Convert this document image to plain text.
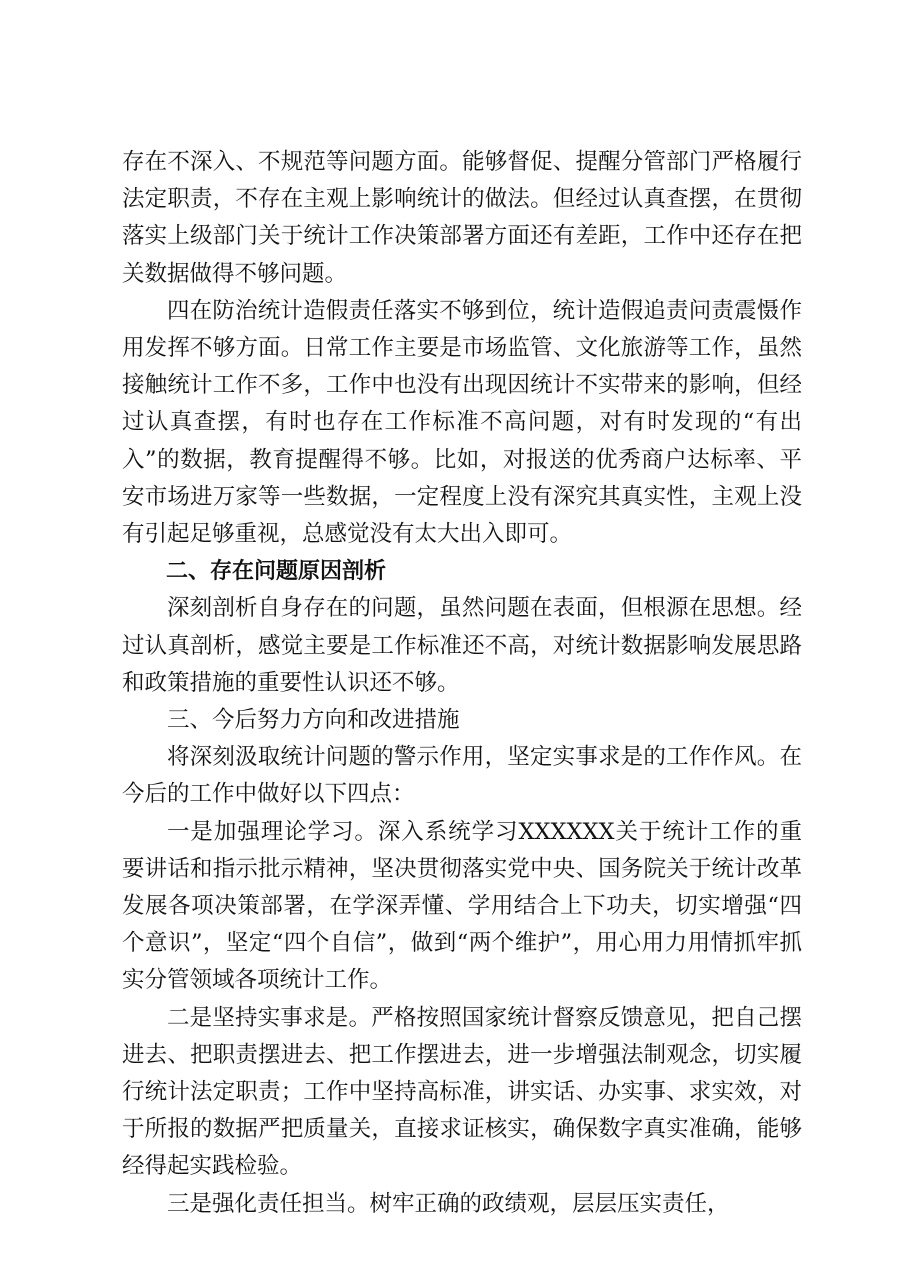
存在不深入、不规范等问题方面。能够督促、提醒分管部门严格履行法定职责，不存在主观上影响统计的做法。但经过认真查摆，在贯彻落实上级部门关于统计工作决策部署方面还有差距，工作中还存在把关数据做得不够问题。

四在防治统计造假责任落实不够到位，统计造假追责问责震慑作用发挥不够方面。日常工作主要是市场监管、文化旅游等工作，虽然接触统计工作不多，工作中也没有出现因统计不实带来的影响，但经过认真查摆，有时也存在工作标准不高问题，对有时发现的“有出入”的数据，教育提醒得不够。比如，对报送的优秀商户达标率、平安市场进万家等一些数据，一定程度上没有深究其真实性，主观上没有引起足够重视，总感觉没有太大出入即可。

二、存在问题原因剖析

深刻剖析自身存在的问题，虽然问题在表面，但根源在思想。经过认真剖析，感觉主要是工作标准还不高，对统计数据影响发展思路和政策措施的重要性认识还不够。

三、今后努力方向和改进措施

将深刻汲取统计问题的警示作用，坚定实事求是的工作作风。在今后的工作中做好以下四点：

一是加强理论学习。深入系统学习XXXXXX关于统计工作的重要讲话和指示批示精神，坚决贯彻落实党中央、国务院关于统计改革发展各项决策部署，在学深弄懂、学用结合上下功夫，切实增强“四个意识”，坚定“四个自信”，做到“两个维护”，用心用力用情抓牢抓实分管领域各项统计工作。

二是坚持实事求是。严格按照国家统计督察反馈意见，把自己摆进去、把职责摆进去、把工作摆进去，进一步增强法制观念，切实履行统计法定职责；工作中坚持高标准，讲实话、办实事、求实效，对于所报的数据严把质量关，直接求证核实，确保数字真实准确，能够经得起实践检验。

三是强化责任担当。树牢正确的政绩观，层层压实责任，
